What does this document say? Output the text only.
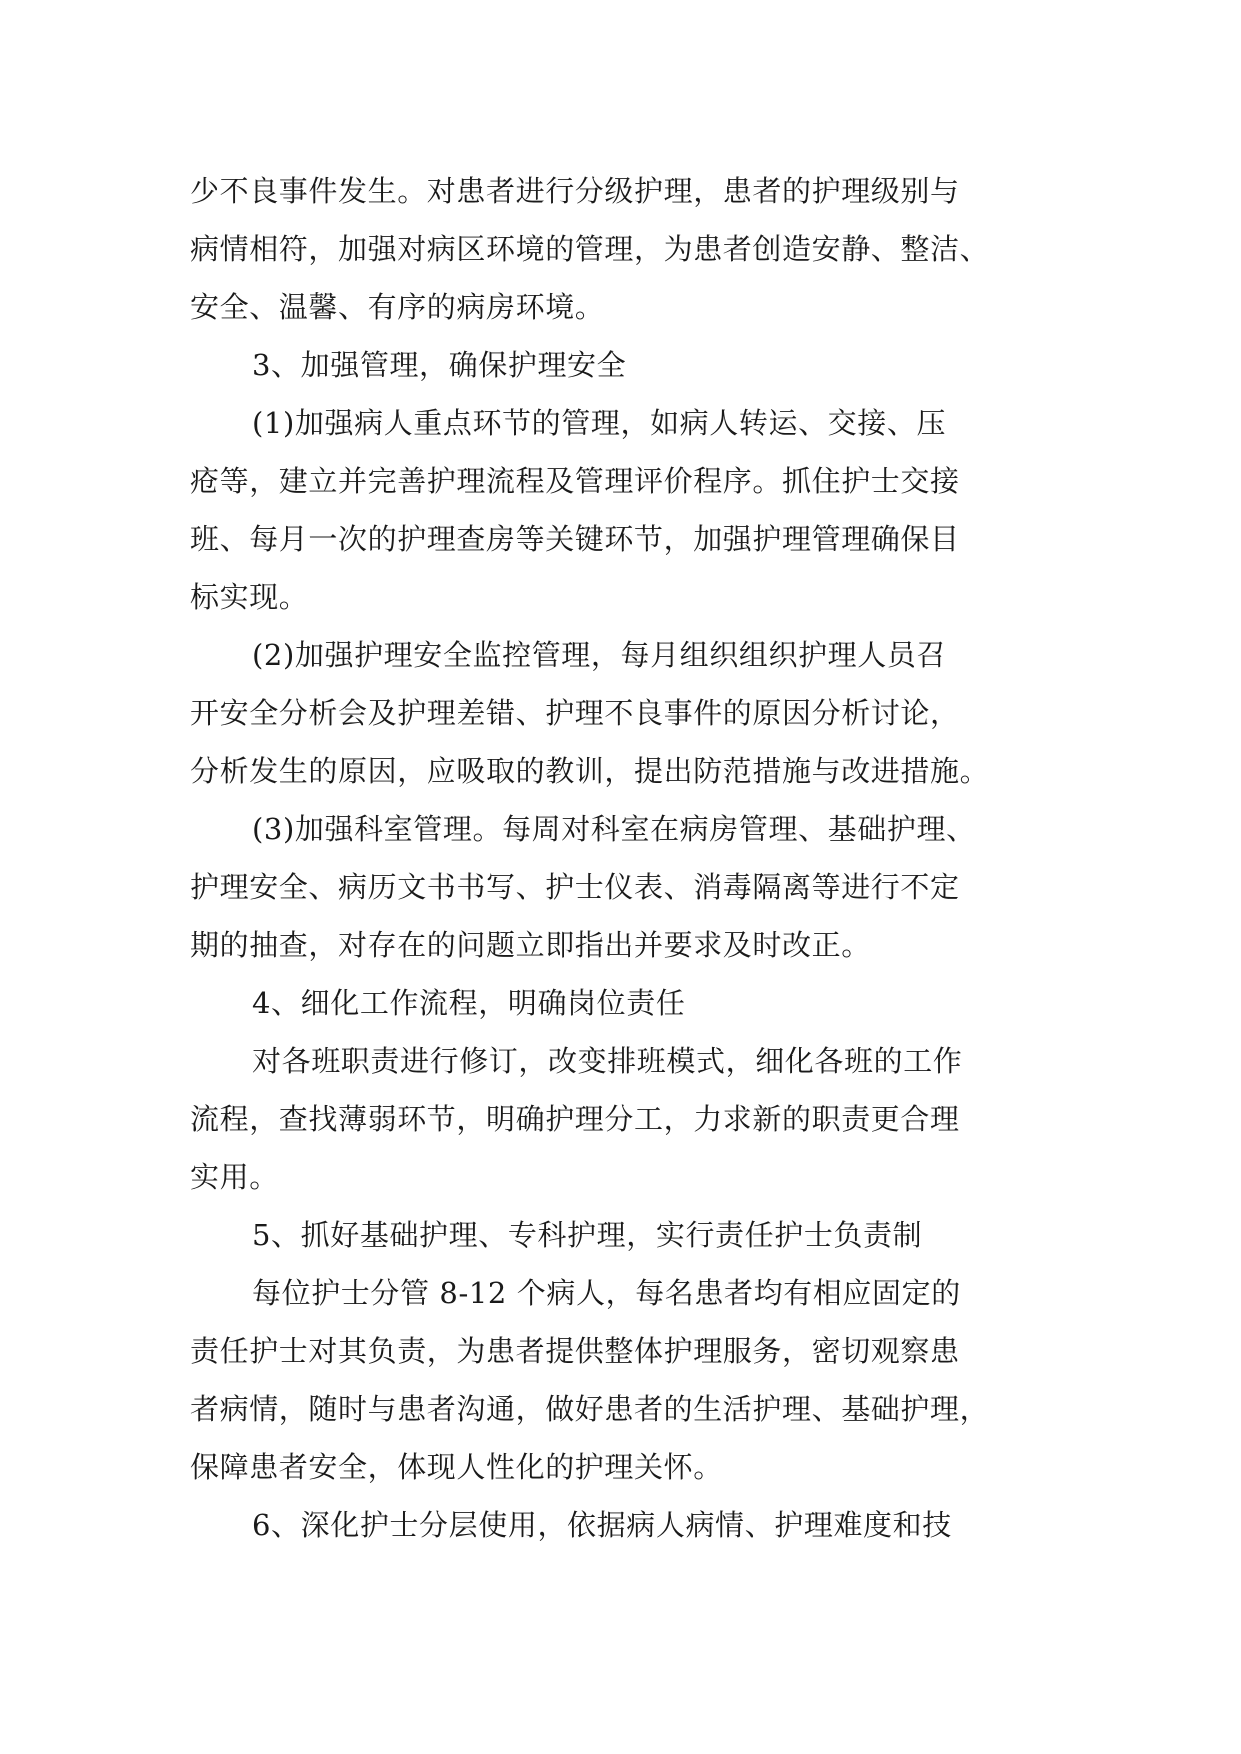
少不良事件发生。对患者进行分级护理，患者的护理级别与
病情相符，加强对病区环境的管理，为患者创造安静、整洁、
安全、温馨、有序的病房环境。
3、加强管理，确保护理安全
(1)加强病人重点环节的管理，如病人转运、交接、压
疮等，建立并完善护理流程及管理评价程序。抓住护士交接
班、每月一次的护理查房等关键环节，加强护理管理确保目
标实现。
(2)加强护理安全监控管理，每月组织组织护理人员召
开安全分析会及护理差错、护理不良事件的原因分析讨论，
分析发生的原因，应吸取的教训，提出防范措施与改进措施。
(3)加强科室管理。每周对科室在病房管理、基础护理、
护理安全、病历文书书写、护士仪表、消毒隔离等进行不定
期的抽查，对存在的问题立即指出并要求及时改正。
4、细化工作流程，明确岗位责任
对各班职责进行修订，改变排班模式，细化各班的工作
流程，查找薄弱环节，明确护理分工，力求新的职责更合理
实用。
5、抓好基础护理、专科护理，实行责任护士负责制
每位护士分管 8-12 个病人，每名患者均有相应固定的
责任护士对其负责，为患者提供整体护理服务，密切观察患
者病情，随时与患者沟通，做好患者的生活护理、基础护理，
保障患者安全，体现人性化的护理关怀。
6、深化护士分层使用，依据病人病情、护理难度和技
